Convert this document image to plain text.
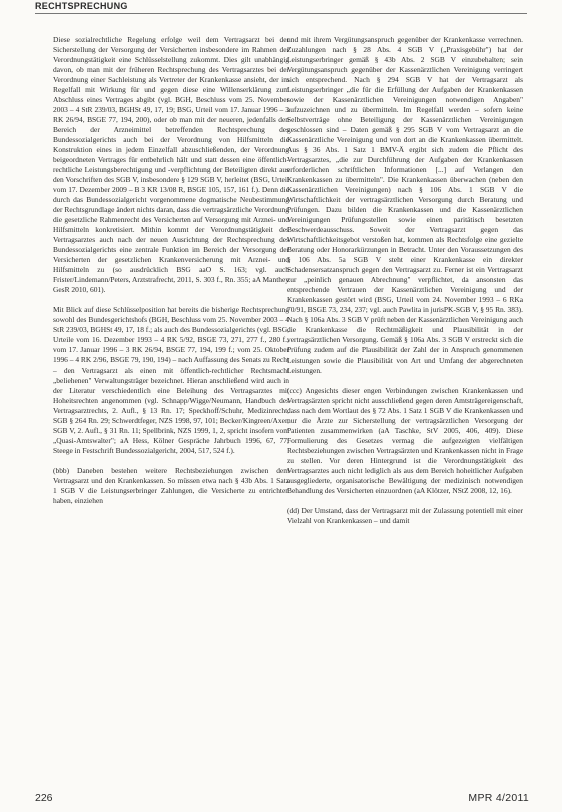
RECHTSPRECHUNG

Diese sozialrechtliche Regelung erfolge weil dem Vertragsarzt bei der Sicherstellung der Versorgung der Versicherten insbesondere im Rahmen der Verordnungstätigkeit eine Schlüsselstellung zukommt. Dies gilt unabhängig davon, ob man mit der früheren Rechtsprechung des Vertragsarztes bei der Verordnung einer Sachleistung als Vertreter der Krankenkasse ansieht, der im Regelfall mit Wirkung für und gegen diese eine Willenserklärung zum Abschluss eines Vertrages abgibt (vgl. BGH, Beschluss vom 25. November 2003 – 4 StR 239/03, BGHSt 49, 17, 19; BSG, Urteil vom 17. Januar 1996 – 3 RK 26/94, BSGE 77, 194, 200), oder ob man mit der neueren, jedenfalls den Bereich der Arzneimittel betreffenden Rechtsprechung des Bundessozialgerichts auch bei der Verordnung von Hilfsmitteln die Konstruktion eines in jedem Einzelfall abzuschließenden, der Verordnung beigeordneten Vertrages für entbehrlich hält und statt dessen eine öffentlich-rechtliche Leistungsberechtigung und -verpflichtung der Beteiligten direkt aus den Vorschriften des SGB V, insbesondere § 129 SGB V, herleitet (BSG, Urteil vom 17. Dezember 2009 – B 3 KR 13/08 R, BSGE 105, 157, 161 f.). Denn die durch das Bundessozialgericht vorgenommene dogmatische Neubestimmung der Rechtsgrundlage ändert nichts daran, dass die vertragsärztliche Verordnung die gesetzliche Rahmenrecht des Versicherten auf Versorgung mit Arznei- und Hilfsmitteln konkretisiert. Mithin kommt der Verordnungstätigkeit des Vertragsarztes auch nach der neuen Ausrichtung der Rechtsprechung des Bundessozialgerichts eine zentrale Funktion im Bereich der Versorgung der Versicherten der gesetzlichen Krankenversicherung mit Arznei- und Hilfsmitteln zu (so ausdrücklich BSG aaO S. 163; vgl. auch Frister/Lindemann/Peters, Arztstrafrecht, 2011, S. 303 f., Rn. 355; aA Manthey GesR 2010, 601).

Mit Blick auf diese Schlüsselposition hat bereits die bisherige Rechtsprechung sowohl des Bundesgerichtshofs (BGH, Beschluss vom 25. November 2003 – 4 StR 239/03, BGHSt 49, 17, 18 f.; als auch des Bundessozialgerichts (vgl. BSG, Urteile vom 16. Dezember 1993 – 4 RK 5/92, BSGE 73, 271, 277 f., 280 f.; vom 17. Januar 1996 – 3 RK 26/94, BSGE 77, 194, 199 f.; vom 25. Oktober 1996 – 4 RK 2/96, BSGE 79, 190, 194) – nach Auffassung des Senats zu Recht – den Vertragsarzt als einen mit öffentlich-rechtlicher Rechtsmacht „beliehenen" Verwaltungsträger bezeichnet. Hieran anschließend wird auch in der Literatur verschiedentlich eine Beleihung des Vertragsarztes mit Hoheitsrechten angenommen (vgl. Schnapp/Wigge/Neumann, Handbuch des Vertragsarztrechts, 2. Aufl., § 13 Rn. 17; Speckhoff/Schuhr, Medizinrecht, SGB § 264 Rn. 29; Schwerdtfeger, NZS 1998, 97, 101; Becker/Kingreen/Axer, SGB V, 2. Aufl., § 31 Rn. 11; Spellbrink, NZS 1999, 1, 2, spricht insofern vom „Quasi-Amtswalter"; aA Hess, Kölner Gespräche Jahrbuch 1996, 67, 77; Steege in Festschrift Bundessozialgericht, 2004, 517, 524 f.).

(bbb) Daneben bestehen weitere Rechtsbeziehungen zwischen dem Vertragsarzt und den Krankenkassen. So müssen etwa nach § 43b Abs. 1 Satz 1 SGB V die Leistungserbringer Zahlungen, die Versicherte zu entrichten haben, einziehen

und mit ihrem Vergütungsanspruch gegenüber der Krankenkasse verrechnen. Zuzahlungen nach § 28 Abs. 4 SGB V („Praxisgebühr") hat der Leistungserbringer gemäß § 43b Abs. 2 SGB V einzubehalten; sein Vergütungsanspruch gegenüber der Kassenärztlichen Vereinigung verringert sich entsprechend. Nach § 294 SGB V hat der Vertragsarzt als Leistungserbringer „die für die Erfüllung der Aufgaben der Krankenkassen sowie der Kassenärztlichen Vereinigungen notwendigen Angaben" aufzuzeichnen und zu übermitteln. Im Regelfall werden – sofern keine Selbstverträge ohne Beteiligung der Kassenärztlichen Vereinigungen geschlossen sind – Daten gemäß § 295 SGB V vom Vertragsarzt an die Kassenärztliche Vereinigung und von dort an die Krankenkassen übermittelt. Aus § 36 Abs. 1 Satz 1 BMV-Ä ergibt sich zudem die Pflicht des Vertragsarztes, „die zur Durchführung der Aufgaben der Krankenkassen erforderlichen schriftlichen Informationen [...] auf Verlangen den Krankenkassen zu übermitteln". Die Krankenkassen überwachen (neben den Kassenärztlichen Vereinigungen) nach § 106 Abs. 1 SGB V die Wirtschaftlichkeit der vertragsärztlichen Versorgung durch Beratung und Prüfungen. Dazu bilden die Krankenkassen und die Kassenärztlichen Vereinigungen Prüfungsstellen sowie einen paritätisch besetzten Beschwerdeausschuss. Soweit der Vertragsarzt gegen das Wirtschaftlichkeitsgebot verstoßen hat, kommen als Rechtsfolge eine gezielte Beratung oder Honorarkürzungen in Betracht. Unter den Voraussetzungen des § 106 Abs. 5a SGB V steht einer Krankenkasse ein direkter Schadensersatzanspruch gegen den Vertragsarzt zu. Ferner ist ein Vertragsarzt zur „peinlich genauen Abrechnung" verpflichtet, da ansonsten das entsprechende Vertrauen der Kassenärztlichen Vereinigung und der Krankenkassen gestört wird (BSG, Urteil vom 24. November 1993 – 6 RKa 70/91, BSGE 73, 234, 237; vgl. auch Pawlita in jurisPK-SGB V, § 95 Rn. 383). Nach § 106a Abs. 3 SGB V prüft neben der Kassenärztlichen Vereinigung auch die Krankenkasse die Rechtmäßigkeit und Plausibilität in der vertragsärztlichen Versorgung. Gemäß § 106a Abs. 3 SGB V erstreckt sich die Prüfung zudem auf die Plausibilität der Zahl der in Anspruch genommenen Leistungen sowie die Plausibilität von Art und Umfang der abgerechneten Leistungen.

(ccc) Angesichts dieser engen Verbindungen zwischen Krankenkassen und Vertragsärzten spricht nicht ausschließend gegen deren Amtsträgereigenschaft, dass nach dem Wortlaut des § 72 Abs. 1 Satz 1 SGB V die Krankenkassen und nur die Ärzte zur Sicherstellung der vertragsärztlichen Versorgung der Patienten zusammenwirken (aA Taschke, StV 2005, 406, 409). Diese Formulierung des Gesetzes vermag die aufgezeigten vielfältigen Rechtsbeziehungen zwischen Vertragsärzten und Krankenkassen nicht in Frage zu stellen. Vor deren Hintergrund ist die Verordnungstätigkeit des Vertragsarztes auch nicht lediglich als aus dem Bereich hoheitlicher Aufgaben ausgegliederte, organisatorische Bewältigung der medizinisch notwendigen Behandlung des Versicherten einzuordnen (aA Klötzer, NStZ 2008, 12, 16).

(dd) Der Umstand, dass der Vertragsarzt mit der Zulassung potentiell mit einer Vielzahl von Krankenkassen – und damit

226	MPR 4/2011
